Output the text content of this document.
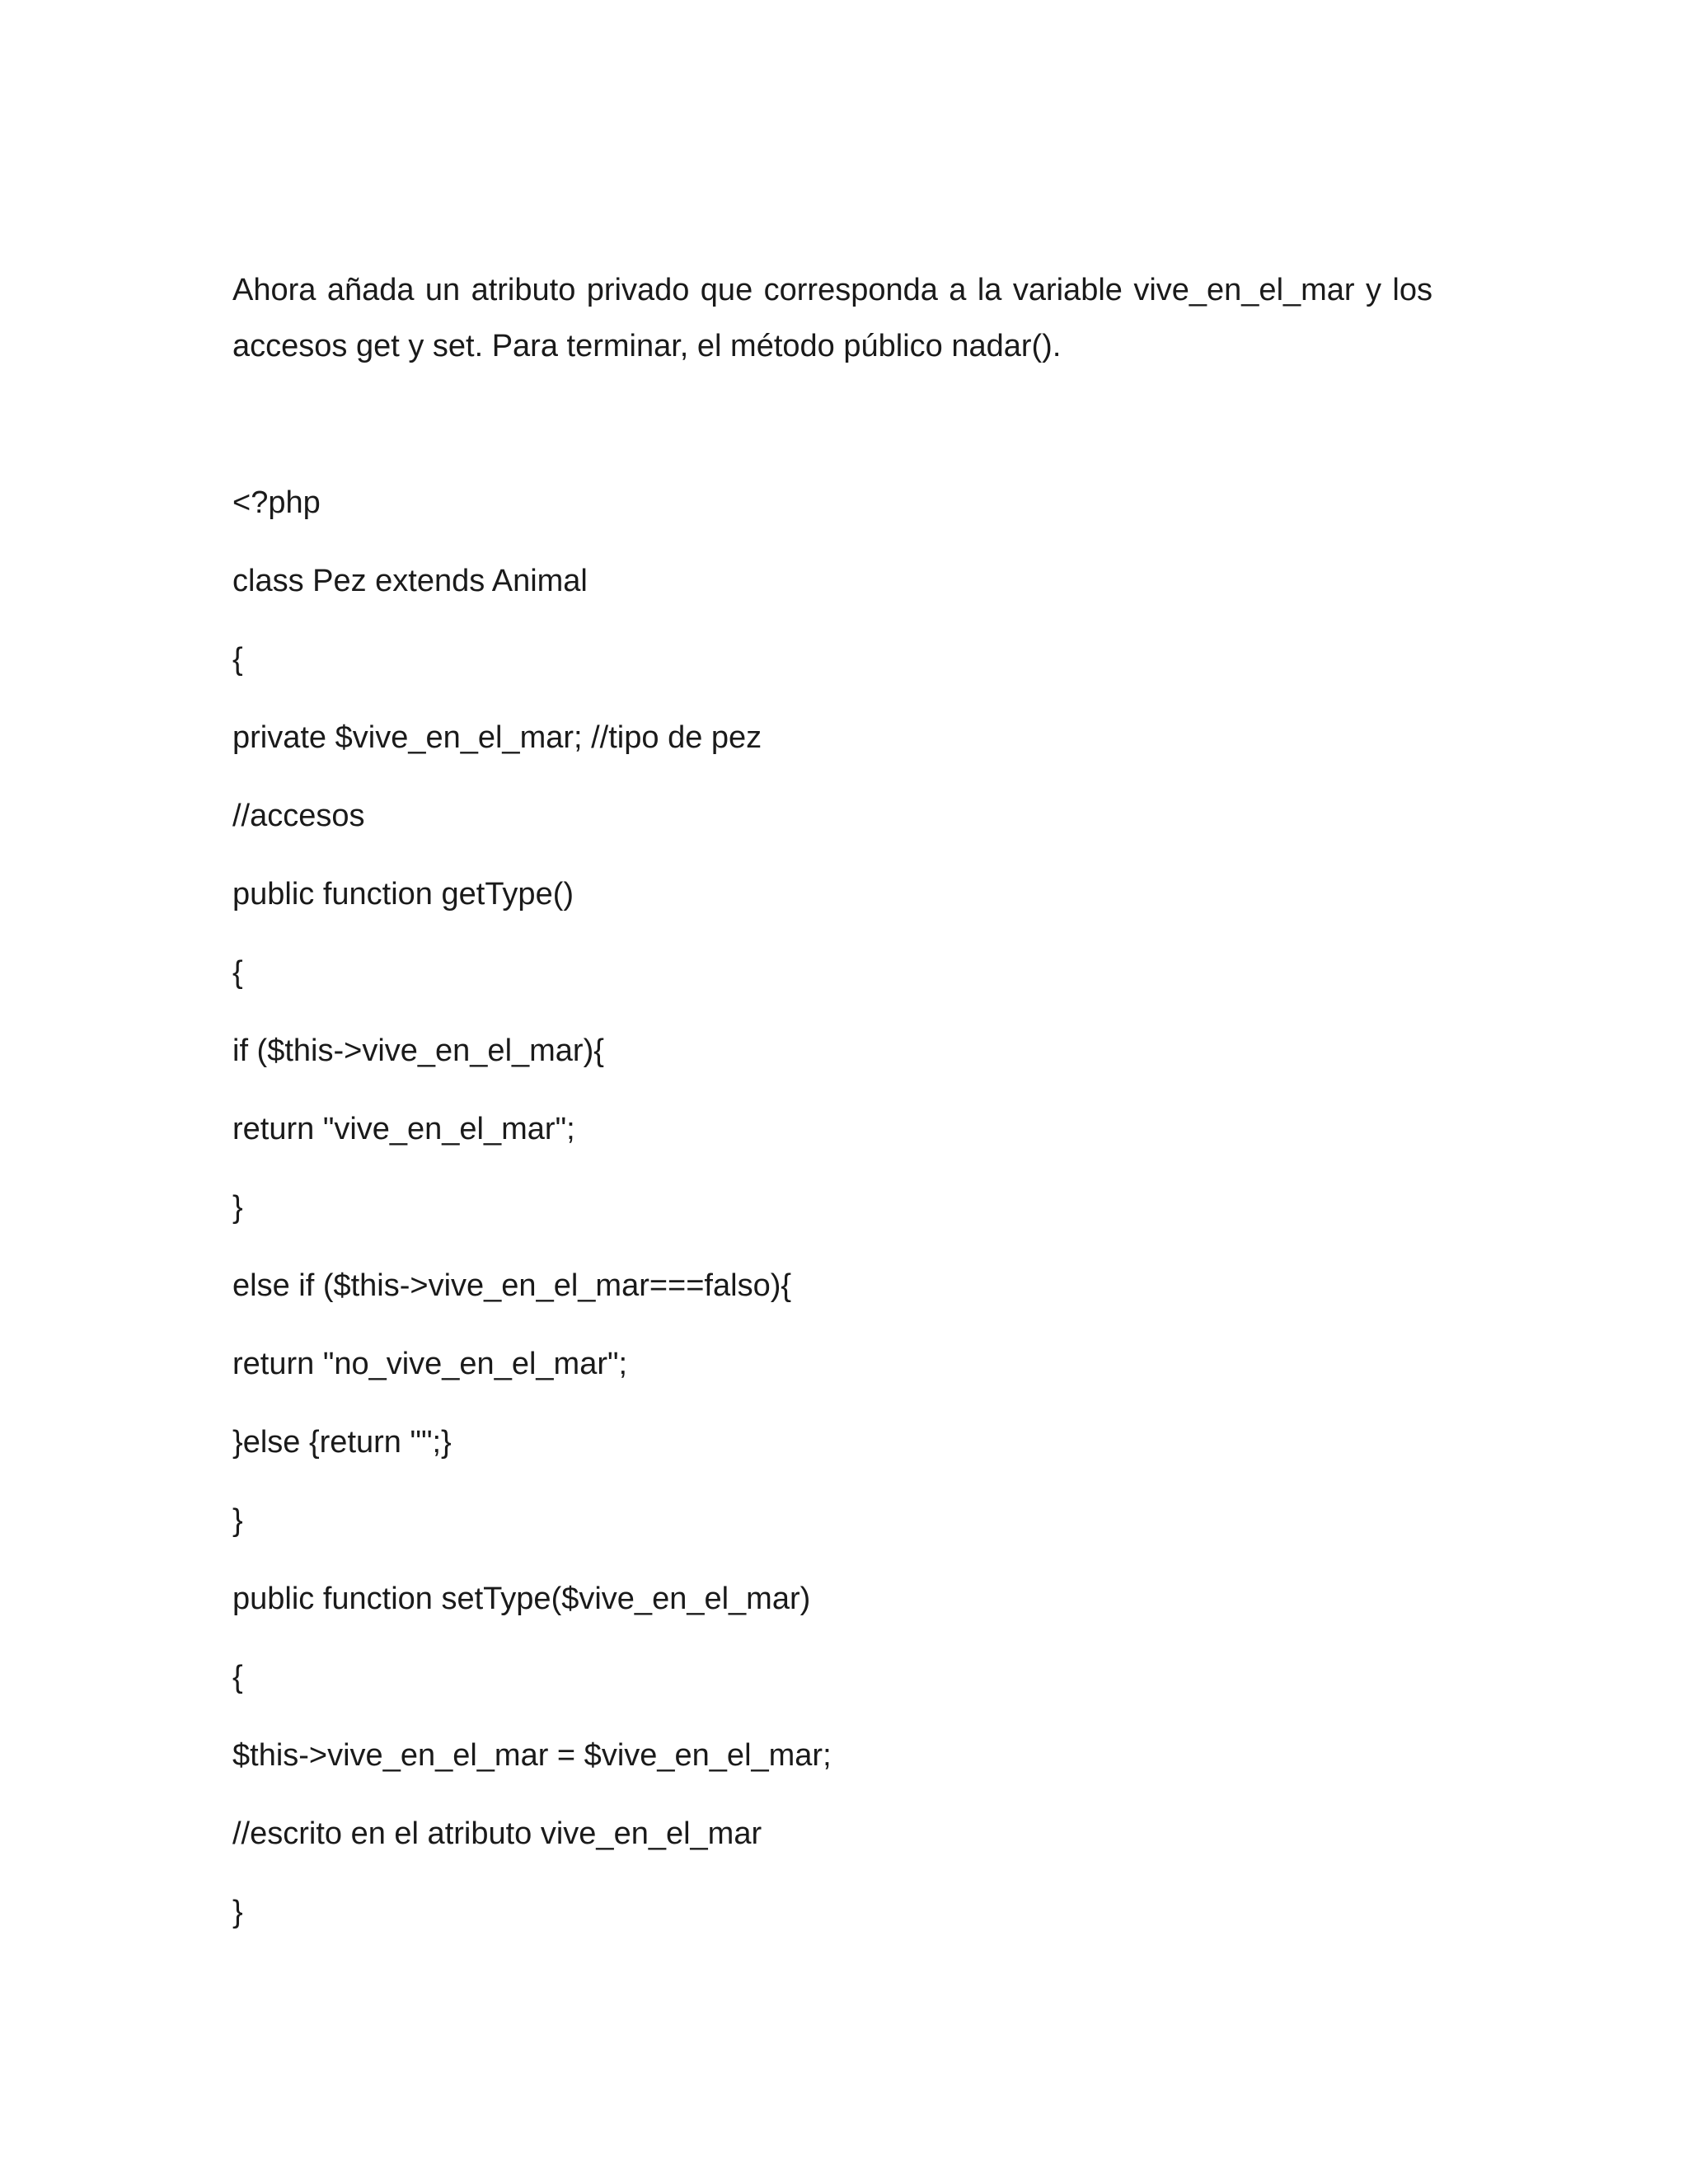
Ahora añada un atributo privado que corresponda a la variable vive_en_el_mar y los accesos get y set. Para terminar, el método público nadar().

<?php
class Pez extends Animal
{
private $vive_en_el_mar; //tipo de pez
//accesos
public function getType()
{
if ($this->vive_en_el_mar){
return "vive_en_el_mar";
}
else if ($this->vive_en_el_mar===falso){
return "no_vive_en_el_mar";
}else {return "";}
}
public function setType($vive_en_el_mar)
{
$this->vive_en_el_mar = $vive_en_el_mar;
//escrito en el atributo vive_en_el_mar
}
